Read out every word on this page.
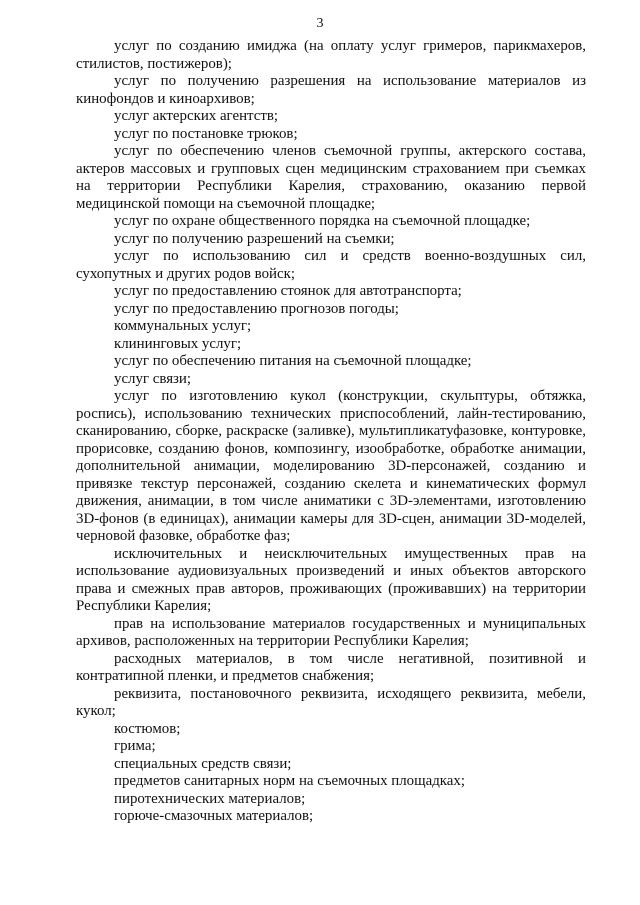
3

услуг по созданию имиджа (на оплату услуг гримеров, парикмахеров, стилистов, постижеров);

услуг по получению разрешения на использование материалов из кинофондов и киноархивов;

услуг актерских агентств;

услуг по постановке трюков;

услуг по обеспечению членов съемочной группы, актерского состава, актеров массовых и групповых сцен медицинским страхованием при съемках на территории Республики Карелия, страхованию, оказанию первой медицинской помощи на съемочной площадке;

услуг по охране общественного порядка на съемочной площадке;

услуг по получению разрешений на съемки;

услуг по использованию сил и средств военно-воздушных сил, сухопутных и других родов войск;

услуг по предоставлению стоянок для автотранспорта;

услуг по предоставлению прогнозов погоды;

коммунальных услуг;

клининговых услуг;

услуг по обеспечению питания на съемочной площадке;

услуг связи;

услуг по изготовлению кукол (конструкции, скульптуры, обтяжка, роспись), использованию технических приспособлений, лайн-тестированию, сканированию, сборке, раскраске (заливке), мультипликатуфазовке, контуровке, прорисовке, созданию фонов, композингу, изообработке, обработке анимации, дополнительной анимации, моделированию 3D-персонажей, созданию и привязке текстур персонажей, созданию скелета и кинематических формул движения, анимации, в том числе аниматики с 3D-элементами, изготовлению 3D-фонов (в единицах), анимации камеры для 3D-сцен, анимации 3D-моделей, черновой фазовке, обработке фаз;

исключительных и неисключительных имущественных прав на использование аудиовизуальных произведений и иных объектов авторского права и смежных прав авторов, проживающих (проживавших) на территории Республики Карелия;

прав на использование материалов государственных и муниципальных архивов, расположенных на территории Республики Карелия;

расходных материалов, в том числе негативной, позитивной и контратипной пленки, и предметов снабжения;

реквизита, постановочного реквизита, исходящего реквизита, мебели, кукол;

костюмов;

грима;

специальных средств связи;

предметов санитарных норм на съемочных площадках;

пиротехнических материалов;

горюче-смазочных материалов;
